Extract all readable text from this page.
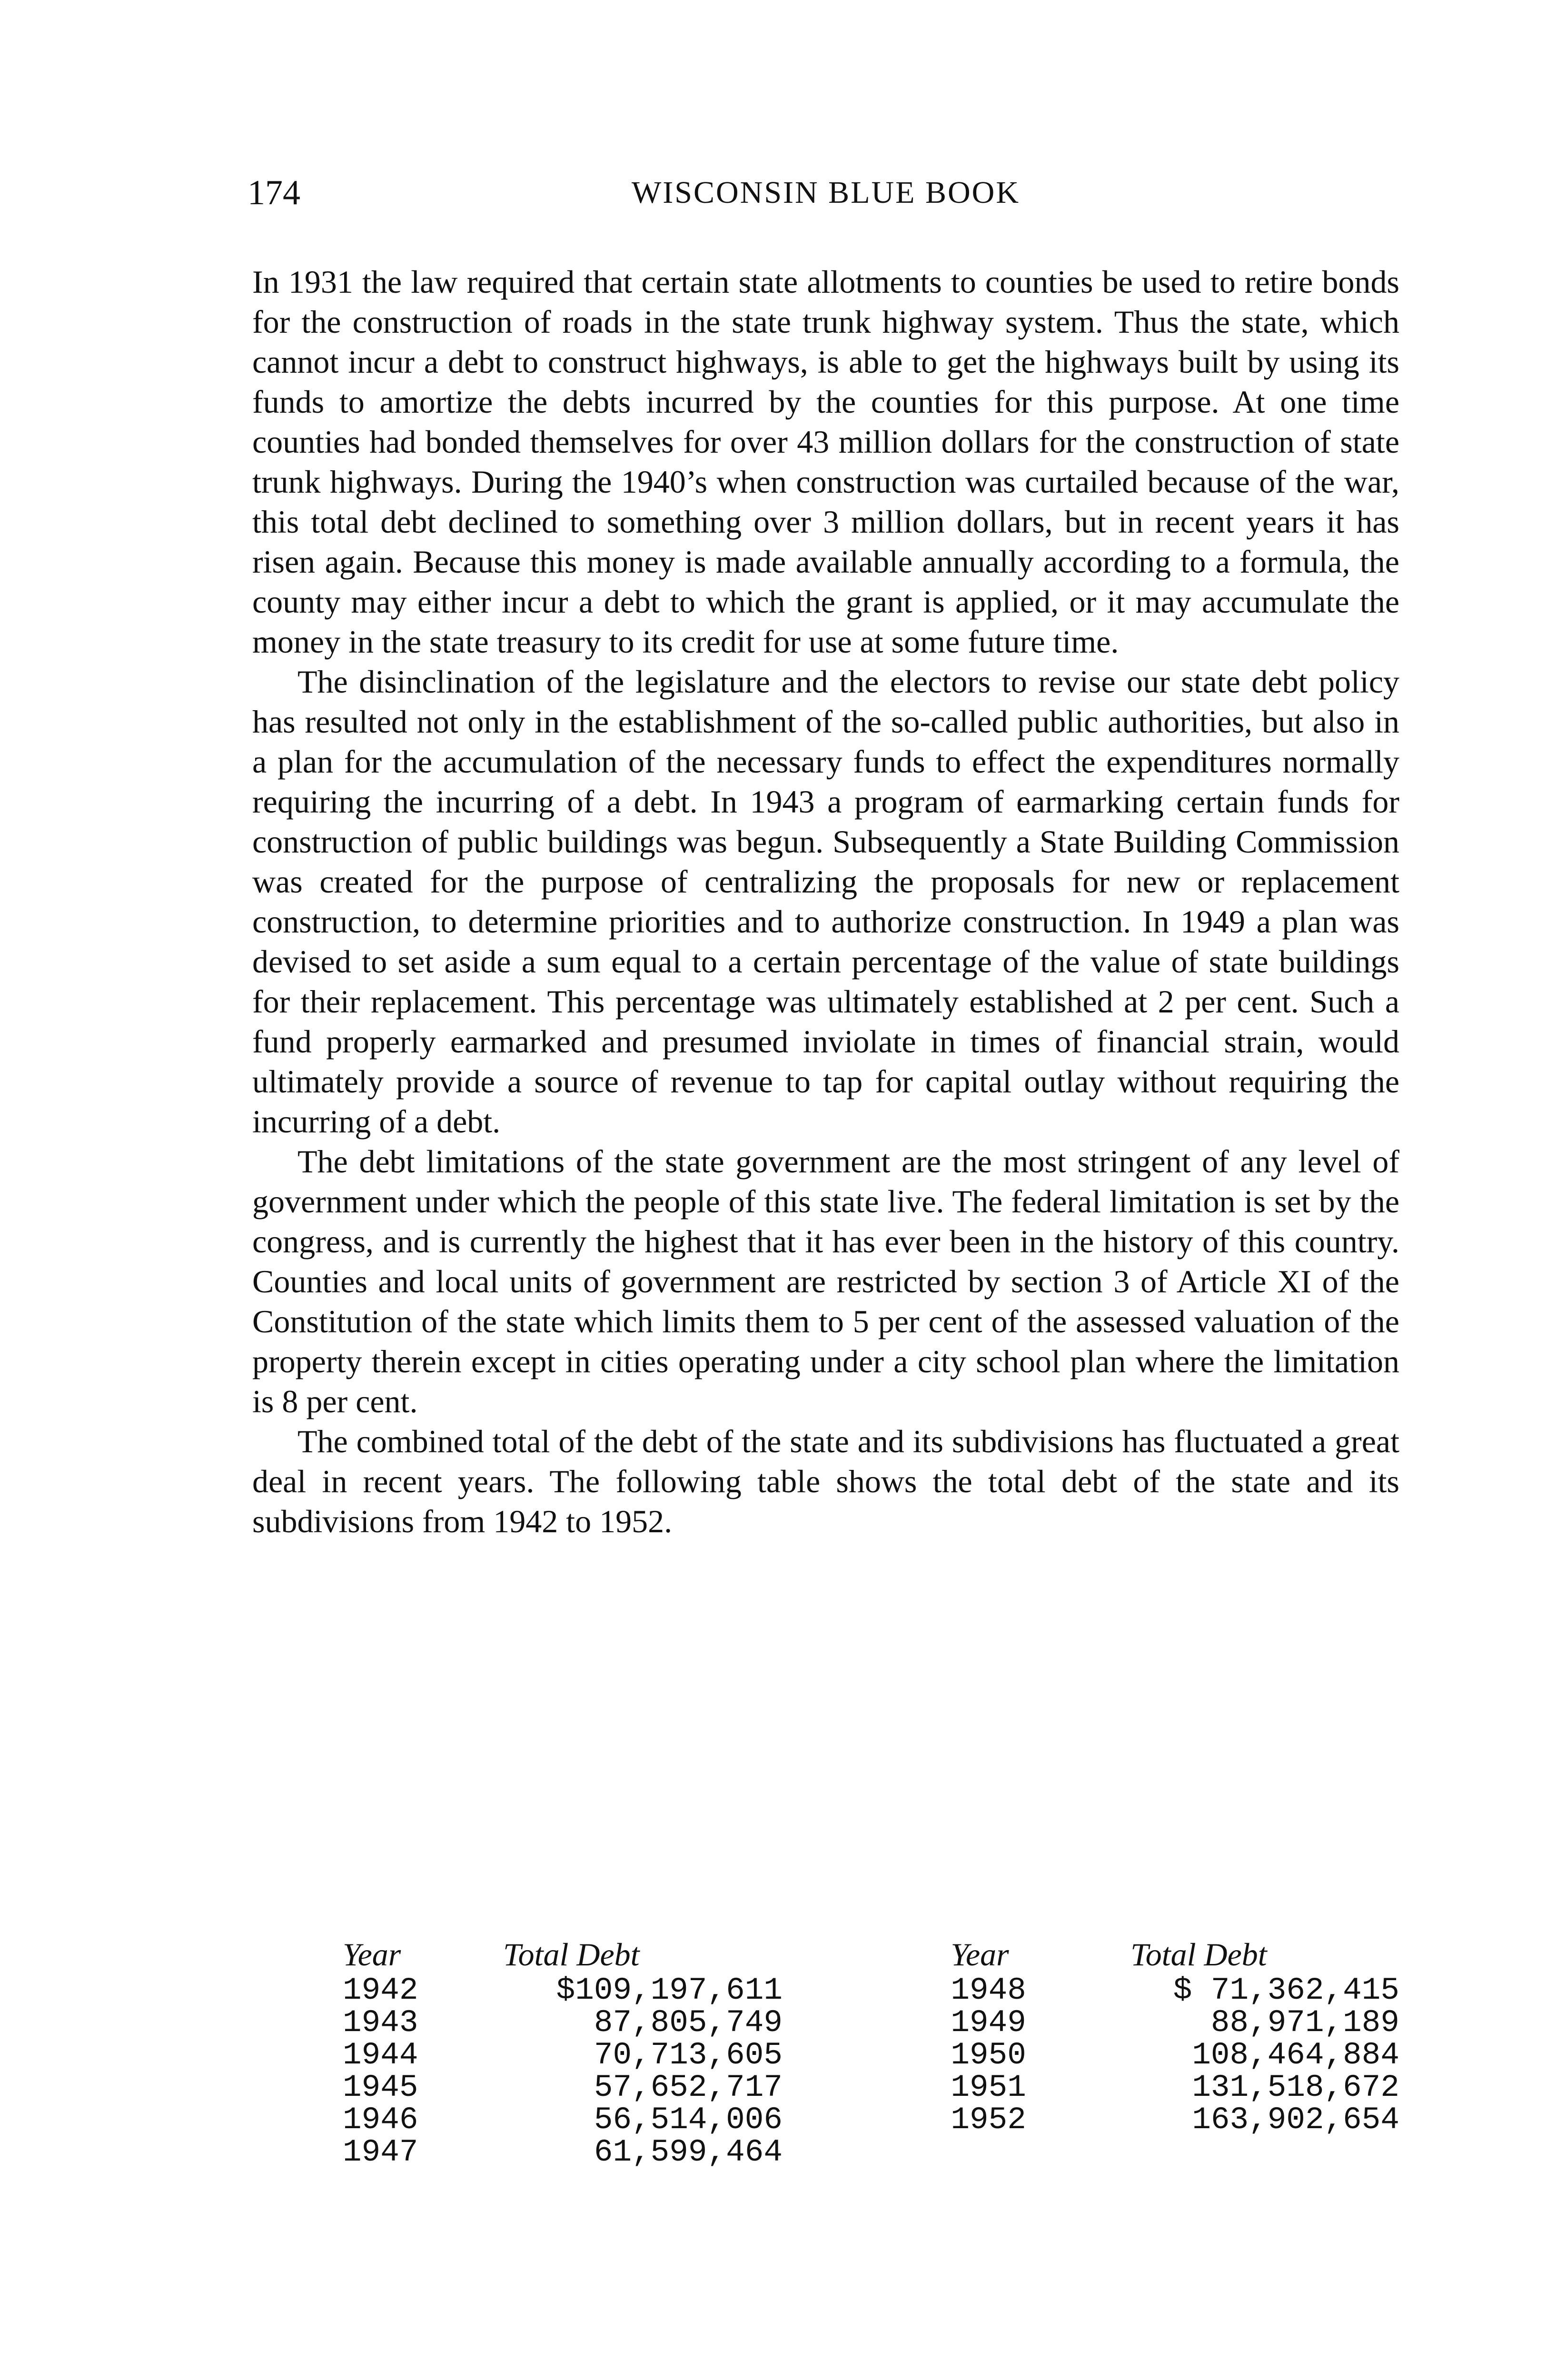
174	WISCONSIN BLUE BOOK

In 1931 the law required that certain state allotments to counties be used to retire bonds for the construction of roads in the state trunk highway system. Thus the state, which cannot incur a debt to construct highways, is able to get the highways built by using its funds to amortize the debts incurred by the counties for this purpose. At one time counties had bonded themselves for over 43 million dollars for the construction of state trunk highways. During the 1940’s when construction was curtailed because of the war, this total debt declined to something over 3 million dollars, but in recent years it has risen again. Because this money is made available annually according to a formula, the county may either incur a debt to which the grant is applied, or it may accumulate the money in the state treasury to its credit for use at some future time.

The disinclination of the legislature and the electors to revise our state debt policy has resulted not only in the establishment of the so-called public authorities, but also in a plan for the accumulation of the necessary funds to effect the expenditures normally requiring the incurring of a debt. In 1943 a program of earmarking certain funds for construction of public buildings was begun. Subsequently a State Building Commission was created for the purpose of centralizing the proposals for new or replacement construction, to determine priorities and to authorize construction. In 1949 a plan was devised to set aside a sum equal to a certain percentage of the value of state buildings for their replacement. This percentage was ultimately established at 2 per cent. Such a fund properly earmarked and presumed inviolate in times of financial strain, would ultimately provide a source of revenue to tap for capital outlay without requiring the incurring of a debt.

The debt limitations of the state government are the most stringent of any level of government under which the people of this state live. The federal limitation is set by the congress, and is currently the highest that it has ever been in the history of this country. Counties and local units of government are restricted by section 3 of Article XI of the Constitution of the state which limits them to 5 per cent of the assessed valuation of the property therein except in cities operating under a city school plan where the limitation is 8 per cent.

The combined total of the debt of the state and its subdivisions has fluctuated a great deal in recent years. The following table shows the total debt of the state and its subdivisions from 1942 to 1952.

Year	Total Debt		Year	Total Debt
1942	$109,197,611		1948	$ 71,362,415
1943	87,805,749		1949	88,971,189
1944	70,713,605		1950	108,464,884
1945	57,652,717		1951	131,518,672
1946	56,514,006		1952	163,902,654
1947	61,599,464			
